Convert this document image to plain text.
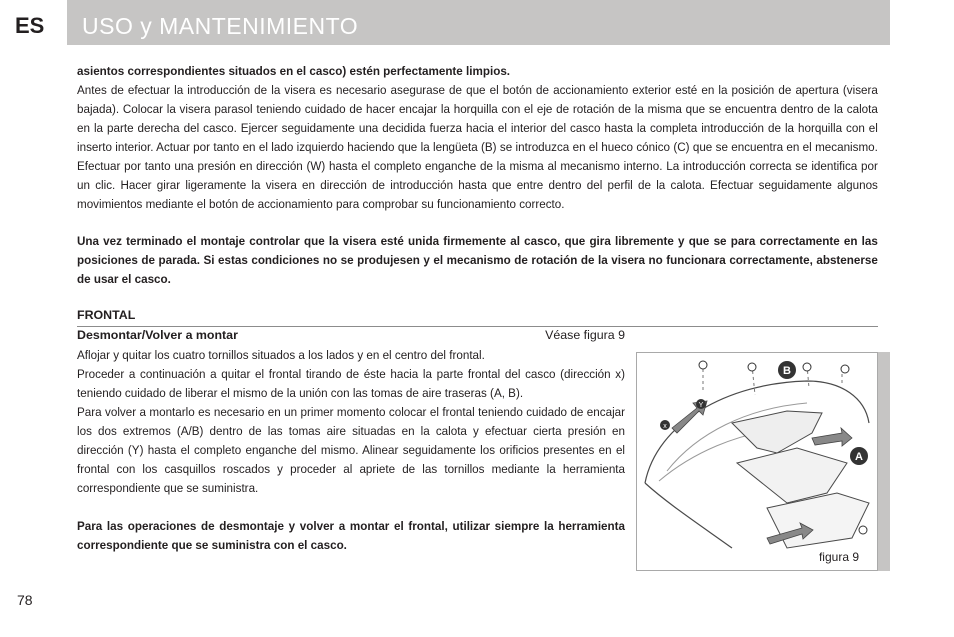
ES USO y MANTENIMIENTO

asientos correspondientes situados en el casco) estén perfectamente limpios.

Antes de efectuar la introducción de la visera es necesario asegurase de que el botón de accionamiento exterior esté en la posición de apertura (visera bajada). Colocar la visera parasol teniendo cuidado de hacer encajar la horquilla con el eje de rotación de la misma que se encuentra dentro de la calota en la parte derecha del casco. Ejercer seguidamente una decidida fuerza hacia el interior del casco hasta la completa introducción de la horquilla con el inserto interior. Actuar por tanto en el lado izquierdo haciendo que la lengüeta (B) se introduzca en el hueco cónico (C) que se encuentra en el mecanismo. Efectuar por tanto una presión en dirección (W) hasta el completo enganche de la misma al mecanismo interno. La introducción correcta se identifica por un clic. Hacer girar ligeramente la visera en dirección de introducción hasta que entre dentro del perfil de la calota. Efectuar seguidamente algunos movimientos mediante el botón de accionamiento para comprobar su funcionamiento correcto.

Una vez terminado el montaje controlar que la visera esté unida firmemente al casco, que gira libremente y que se para correctamente en las posiciones de parada. Si estas condiciones no se produjesen y el mecanismo de rotación de la visera no funcionara correctamente, abstenerse de usar el casco.
FRONTAL
Desmontar/Volver a montar	Véase figura 9

Aflojar y quitar los cuatro tornillos situados a los lados y en el centro del frontal.

Proceder a continuación a quitar el frontal tirando de éste hacia la parte frontal del casco (dirección x) teniendo cuidado de liberar el mismo de la unión con las tomas de aire traseras (A, B).

Para volver a montarlo es necesario en un primer momento colocar el frontal teniendo cuidado de encajar los dos extremos (A/B) dentro de las tomas aire situadas en la calota y efectuar cierta presión en dirección (Y) hasta el completo enganche del mismo. Alinear seguidamente los orificios presentes en el frontal con los casquillos roscados y proceder al apriete de las tornillos mediante la herramienta correspondiente que se suministra.

Para las operaciones de desmontaje y volver a montar el frontal, utilizar siempre la herramienta correspondiente que se suministra con el casco.

B
A
x
Y
figura 9
78
